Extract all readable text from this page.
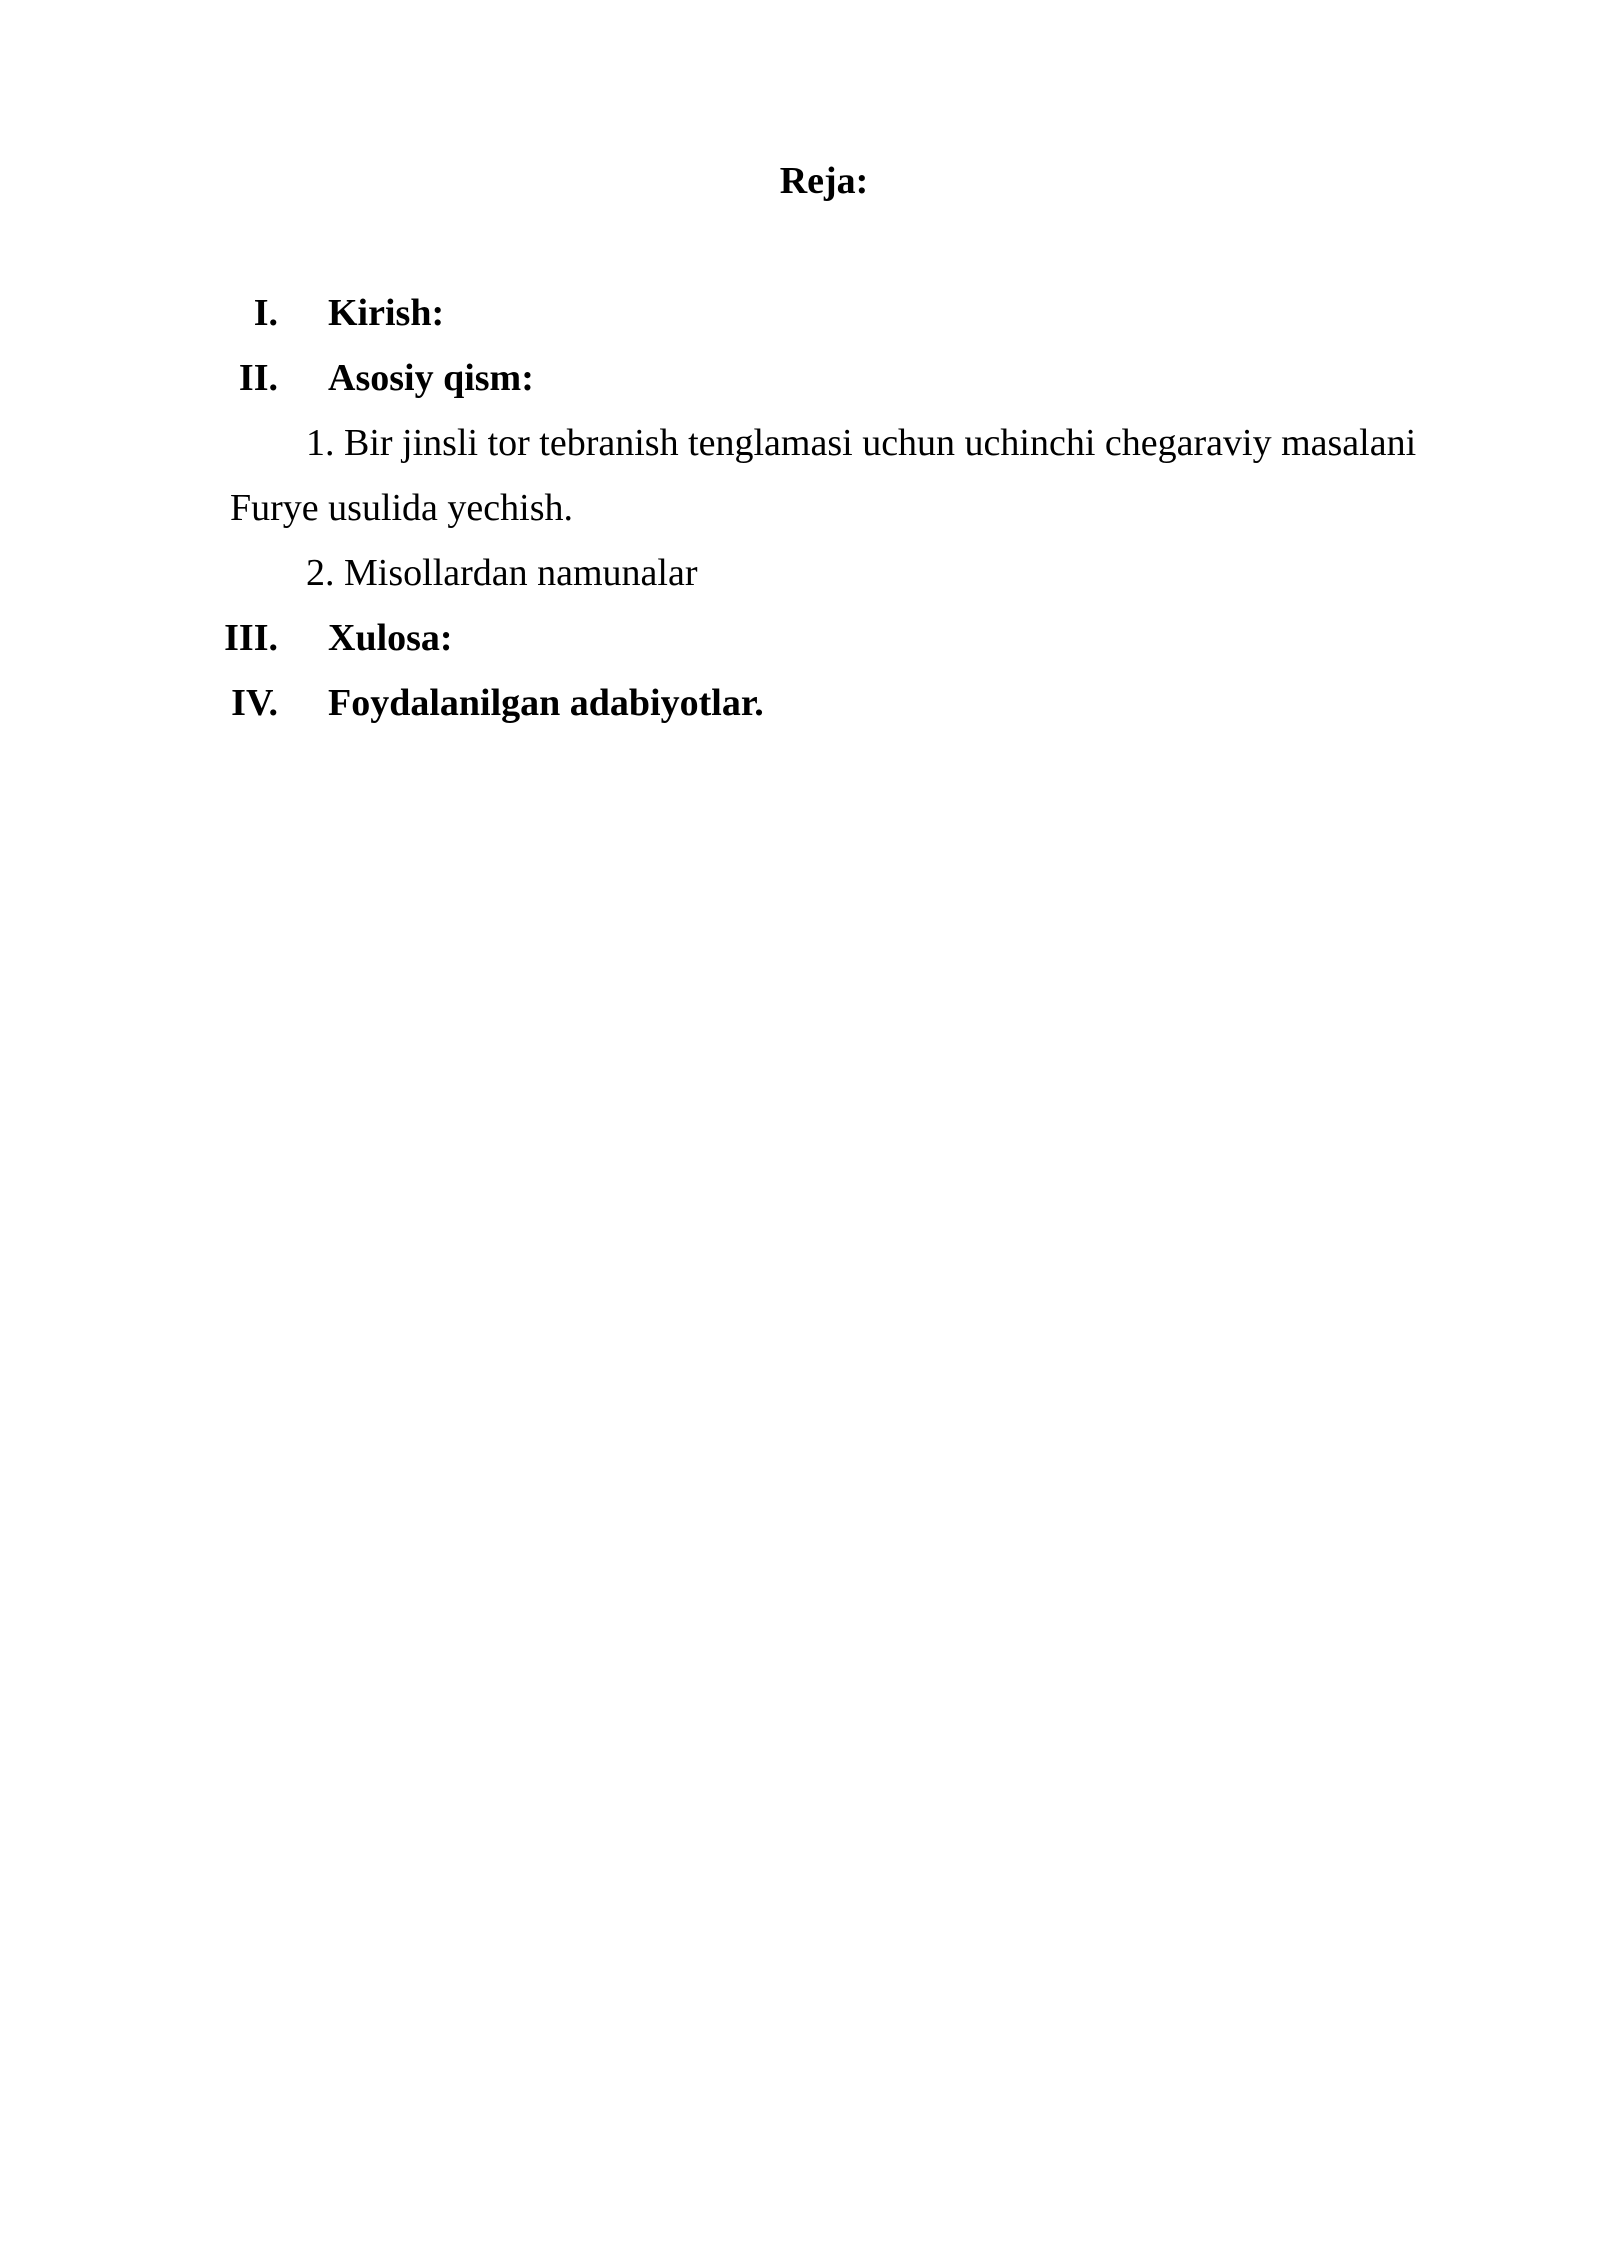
Reja:
I. Kirish:
II. Asosiy qism:
1. Bir jinsli tor tebranish tenglamasi uchun uchinchi chegaraviy masalani
Furye usulida yechish.
2. Misollardan namunalar
III. Xulosa:
IV. Foydalanilgan adabiyotlar.
